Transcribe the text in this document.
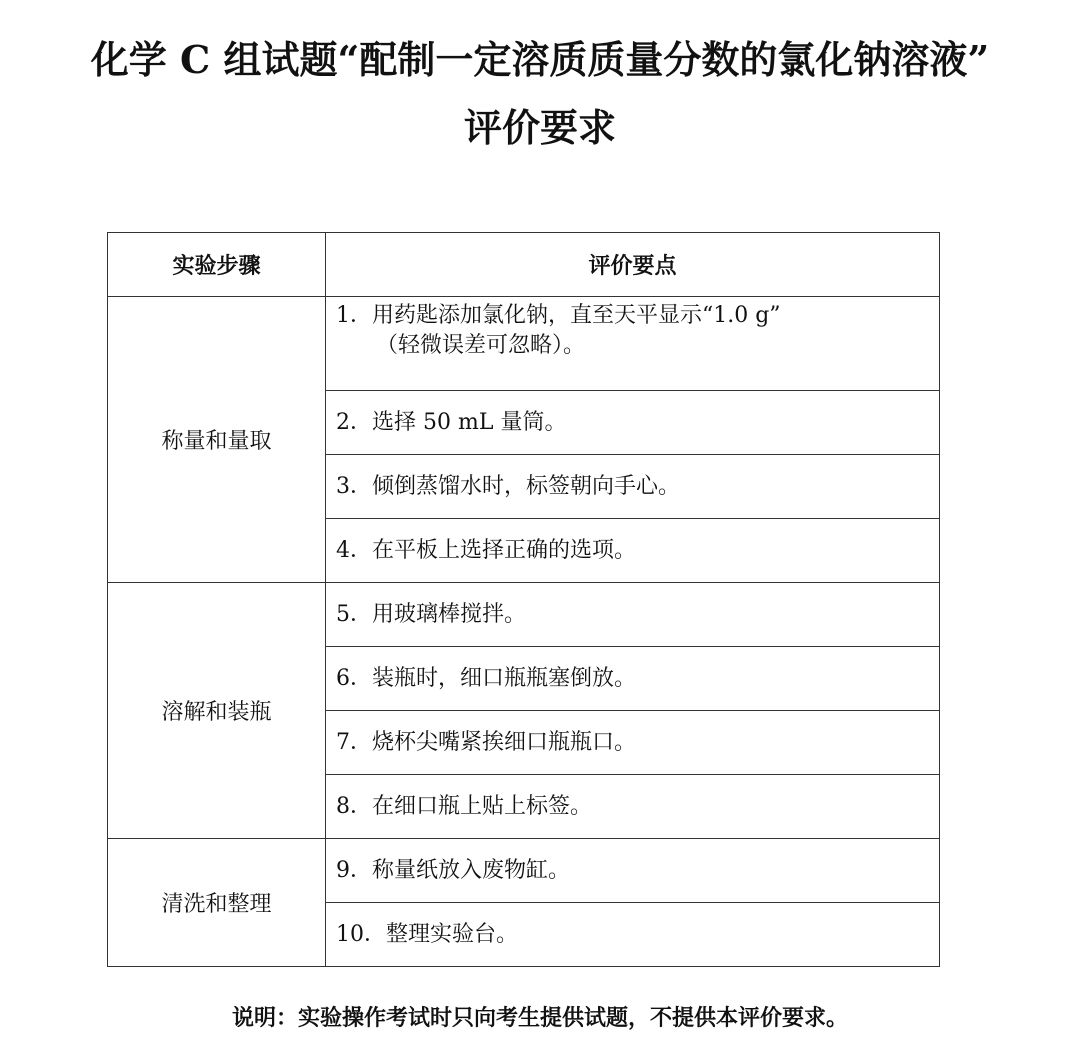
化学 C 组试题“配制一定溶质质量分数的氯化钠溶液”
评价要求
实验步骤	评价要点
称量和量取	1．用药匙添加氯化钠，直至天平显示“1.0 g”
（轻微误差可忽略）。

	2．选择 50 mL 量筒。
	3．倾倒蒸馏水时，标签朝向手心。
	4．在平板上选择正确的选项。
溶解和装瓶	5．用玻璃棒搅拌。
	6．装瓶时，细口瓶瓶塞倒放。
	7．烧杯尖嘴紧挨细口瓶瓶口。
	8．在细口瓶上贴上标签。
清洗和整理	9．称量纸放入废物缸。
	10．整理实验台。
说明：实验操作考试时只向考生提供试题，不提供本评价要求。
